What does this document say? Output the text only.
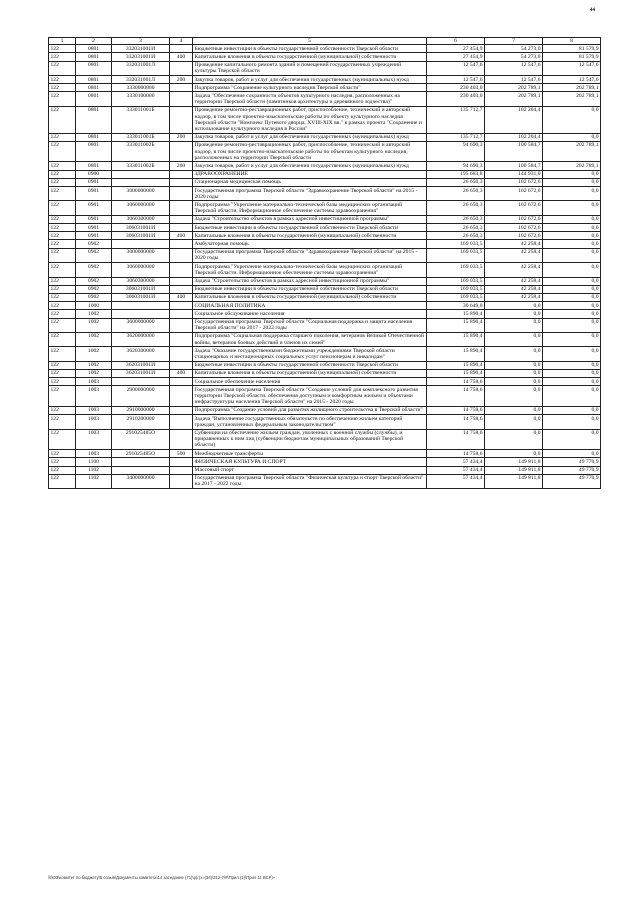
44
1	2	3	4	5	6	7	8
122	0801	332031001И		Бюджетные инвестиции в объекты государственной собственности Тверской области	27 454,9	54 273,0	81 579,9
122	0801	332031001И	400	Капитальные вложения в объекты государственной (муниципальной) собственности	27 454,9	54 273,0	81 579,9
122	0801	332031001Л		Проведение капитального ремонта зданий и помещений государственных учреждений культуры Тверской области	12 547,6	12 547,6	12 547,6
122	0801	332031001Л	200	Закупка товаров, работ и услуг для обеспечения государственных (муниципальных) нужд	12 547,6	12 547,6	12 547,6
122	0801	3330000000		Подпрограмма "Сохранение культурного наследия Тверской области"	230 403,0	202 789,1	202 789,1
122	0801	3330100000		Задача "Обеспечение сохранности объектов культурного наследия, расположенных на территории Тверской области (памятников архитектуры и деревянного зодчества)"	230 403,0	202 789,1	202 789,1
122	0801	333011001Б		Проведение ремонтно-реставрационных работ, приспособление, технический и авторский надзор, в том числе проектно-изыскательские работы по объекту культурного наследия Тверской области "Комплекс Путевого дворца, XVIII-XIX вв." в рамках проекта "Сохранение и использование культурного наследия в России"	135 712,7	102 204,4	0,0
122	0801	333011001Б	200	Закупка товаров, работ и услуг для обеспечения государственных (муниципальных) нужд	135 712,7	102 204,4	0,0
122	0801	333011002Б		Проведение ремонтно-реставрационных работ, приспособление, технический и авторский надзор, в том числе проектно-изыскательские работы по объектам культурного наследия, расположенных на территории Тверской области	94 690,3	100 584,7	202 789,1
122	0801	333011002Б	200	Закупка товаров, работ и услуг для обеспечения государственных (муниципальных) нужд	94 690,3	100 584,7	202 789,1
122	0900			ЗДРАВООХРАНЕНИЕ	195 683,8	144 931,0	0,0
122	0901			Стационарная медицинская помощь	26 650,3	102 672,6	0,0
122	0901	3000000000		Государственная программа Тверской области "Здравоохранение Тверской области" на 2015 - 2020 годы	26 650,3	102 672,6	0,0
122	0901	3060000000		Подпрограмма "Укрепление материально-технической базы медицинских организаций Тверской области. Информационное обеспечение системы здравоохранения"	26 650,3	102 672,6	0,0
122	0901	3060300000		Задача "Строительство объектов в рамках адресной инвестиционной программы"	26 650,3	102 672,6	0,0
122	0901	306031001И		Бюджетные инвестиции в объекты государственной собственности Тверской области	26 650,3	102 672,6	0,0
122	0901	306031001И	400	Капитальные вложения в объекты государственной (муниципальной) собственности	26 650,3	102 672,6	0,0
122	0902			Амбулаторная помощь	169 033,5	42 258,4	0,0
122	0902	3000000000		Государственная программа Тверской области "Здравоохранение Тверской области" на 2015 - 2020 годы	169 033,5	42 258,4	0,0
122	0902	3060000000		Подпрограмма "Укрепление материально-технической базы медицинских организаций Тверской области. Информационное обеспечение системы здравоохранения"	169 033,5	42 258,4	0,0
122	0902	3060300000		Задача "Строительство объектов в рамках адресной инвестиционной программы"	169 033,5	42 258,4	0,0
122	0902	306031001И		Бюджетные инвестиции в объекты государственной собственности Тверской области	169 033,5	42 258,4	0,0
122	0902	306031001И	400	Капитальные вложения в объекты государственной (муниципальной) собственности	169 033,5	42 258,4	0,0
122	1000			СОЦИАЛЬНАЯ ПОЛИТИКА	30 649,0	0,0	0,0
122	1002			Социальное обслуживание населения	15 890,4	0,0	0,0
122	1002	3600000000		Государственная программа Тверской области "Социальная поддержка и защита населения Тверской области" на 2017 - 2022 годы	15 890,4	0,0	0,0
122	1002	3620000000		Подпрограмма "Социальная поддержка старшего поколения, ветеранов Великой Отечественной войны, ветеранов боевых действий и членов их семей"	15 890,4	0,0	0,0
122	1002	3620300000		Задача "Оказание государственными бюджетными учреждениями Тверской области стационарных и нестационарных социальных услуг пенсионерам и инвалидам"	15 890,4	0,0	0,0
122	1002	362031001И		Бюджетные инвестиции в объекты государственной собственности Тверской области	15 890,4	0,0	0,0
122	1002	362031001И	400	Капитальные вложения в объекты государственной (муниципальной) собственности	15 890,4	0,0	0,0
122	1003			Социальное обеспечение населения	14 758,6	0,0	0,0
122	1003	2900000000		Государственная программа Тверской области "Создание условий для комплексного развития территории Тверской области, обеспечения доступным и комфортным жильем и объектами инфраструктуры населения Тверской области" на 2015 - 2020 годы	14 758,6	0,0	0,0
122	1003	2910000000		Подпрограмма "Создание условий для развития жилищного строительства в Тверской области"	14 758,6	0,0	0,0
122	1003	2910200000		Задача "Выполнение государственных обязательств по обеспечению жильем категорий граждан, установленных федеральным законодательством"	14 758,6	0,0	0,0
122	1003	291025485О		Субвенции на обеспечение жильем граждан, уволенных с военной службы (службы), и приравненных к ним лиц (субвенции бюджетам муниципальных образований Тверской области)	14 758,6	0,0	0,0
122	1003	291025485О	500	Межбюджетные трансферты	14 758,6	0,0	0,0
122	1100			ФИЗИЧЕСКАЯ КУЛЬТУРА И СПОРТ	57 434,4	149 811,8	49 770,9
122	1102			Массовый спорт	57 434,4	149 811,8	49 770,9
122	1102	3400000000		Государственная программа Тверской области "Физическая культура и спорт Тверской области" на 2017 - 2022 годы	57 434,4	149 811,8	49 770,9
\\fs03\комитет по бюджету\5 созыв\Документы комитета\14 заседание (71)\р(г)з=(34)\312-7\#\Прил.(1)\Прил 11 ВСР)»
